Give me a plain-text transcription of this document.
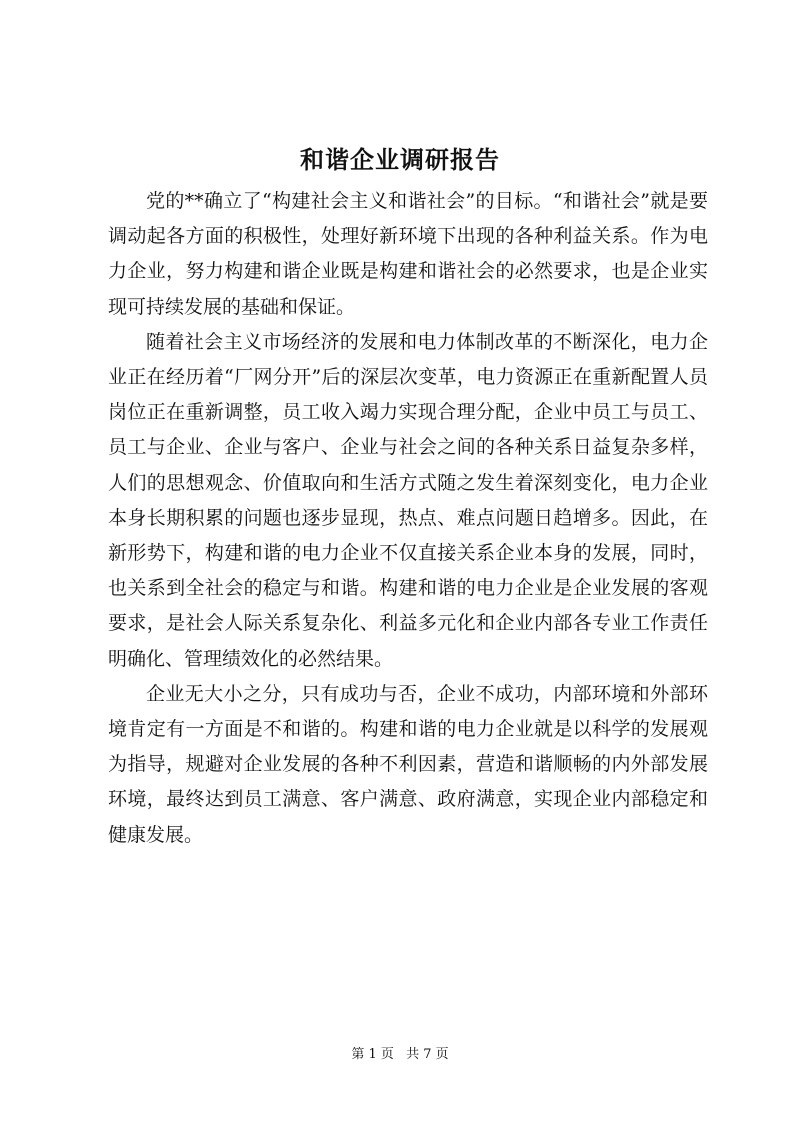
和谐企业调研报告

党的**确立了“构建社会主义和谐社会”的目标。“和谐社会”就是要调动起各方面的积极性，处理好新环境下出现的各种利益关系。作为电力企业，努力构建和谐企业既是构建和谐社会的必然要求，也是企业实现可持续发展的基础和保证。

随着社会主义市场经济的发展和电力体制改革的不断深化，电力企业正在经历着“厂网分开”后的深层次变革，电力资源正在重新配置人员岗位正在重新调整，员工收入竭力实现合理分配，企业中员工与员工、员工与企业、企业与客户、企业与社会之间的各种关系日益复杂多样，人们的思想观念、价值取向和生活方式随之发生着深刻变化，电力企业本身长期积累的问题也逐步显现，热点、难点问题日趋增多。因此，在新形势下，构建和谐的电力企业不仅直接关系企业本身的发展，同时，也关系到全社会的稳定与和谐。构建和谐的电力企业是企业发展的客观要求，是社会人际关系复杂化、利益多元化和企业内部各专业工作责任明确化、管理绩效化的必然结果。

企业无大小之分，只有成功与否，企业不成功，内部环境和外部环境肯定有一方面是不和谐的。构建和谐的电力企业就是以科学的发展观为指导，规避对企业发展的各种不利因素，营造和谐顺畅的内外部发展环境，最终达到员工满意、客户满意、政府满意，实现企业内部稳定和健康发展。

第 1 页 共 7 页
